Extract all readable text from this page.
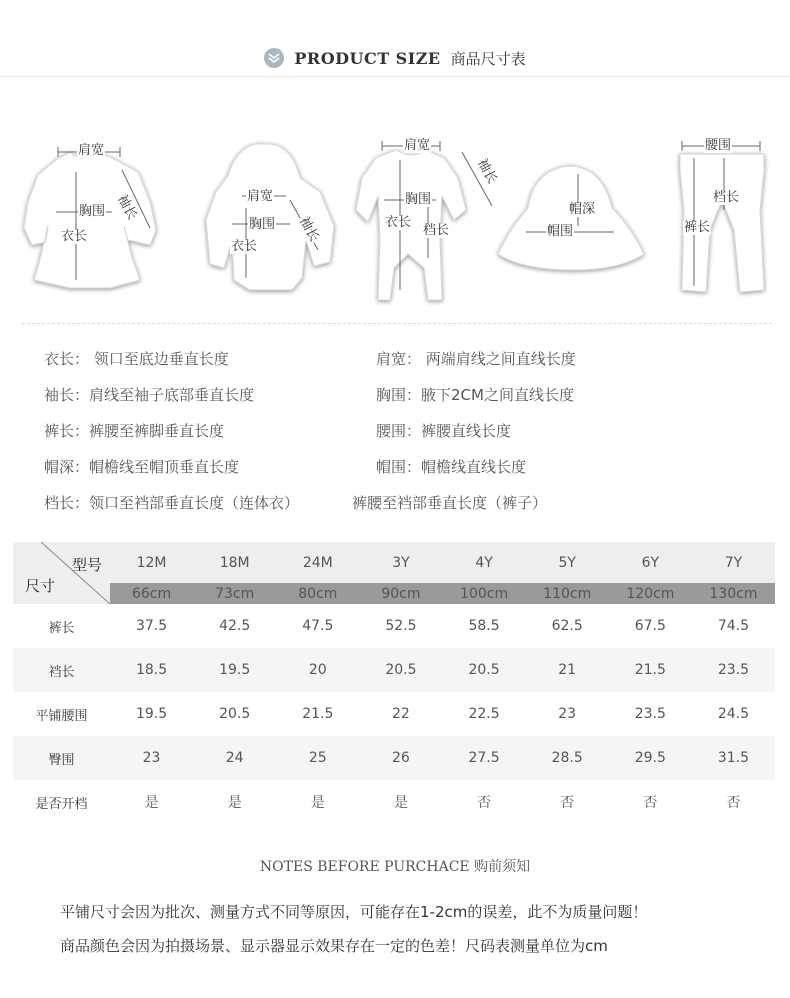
PRODUCT SIZE 商品尺寸表
肩宽
袖长
胸围
衣长
肩宽
胸围
衣长
袖长
肩宽
袖长
胸围
衣长
档长
帽深
帽围
腰围
档长
裤长
衣长： 领口至底边垂直长度
袖长：肩线至袖子底部垂直长度
裤长：裤腰至裤脚垂直长度
帽深：帽檐线至帽顶垂直长度
档长：领口至裆部垂直长度（连体衣）
肩宽： 两端肩线之间直线长度
胸围：腋下2CM之间直线长度
腰围：裤腰直线长度
帽围：帽檐线直线长度
裤腰至裆部垂直长度（裤子）
型号
尺寸	12M	18M	24M	3Y	4Y	5Y	6Y	7Y
	66cm	73cm	80cm	90cm	100cm	110cm	120cm	130cm
裤长	37.5	42.5	47.5	52.5	58.5	62.5	67.5	74.5
裆长	18.5	19.5	20	20.5	20.5	21	21.5	23.5
平铺腰围	19.5	20.5	21.5	22	22.5	23	23.5	24.5
臀围	23	24	25	26	27.5	28.5	29.5	31.5
是否开档	是	是	是	是	否	否	否	否
NOTES BEFORE PURCHACE 购前须知
平铺尺寸会因为批次、测量方式不同等原因，可能存在1-2cm的误差，此不为质量问题！
商品颜色会因为拍摄场景、显示器显示效果存在一定的色差！尺码表测量单位为cm
